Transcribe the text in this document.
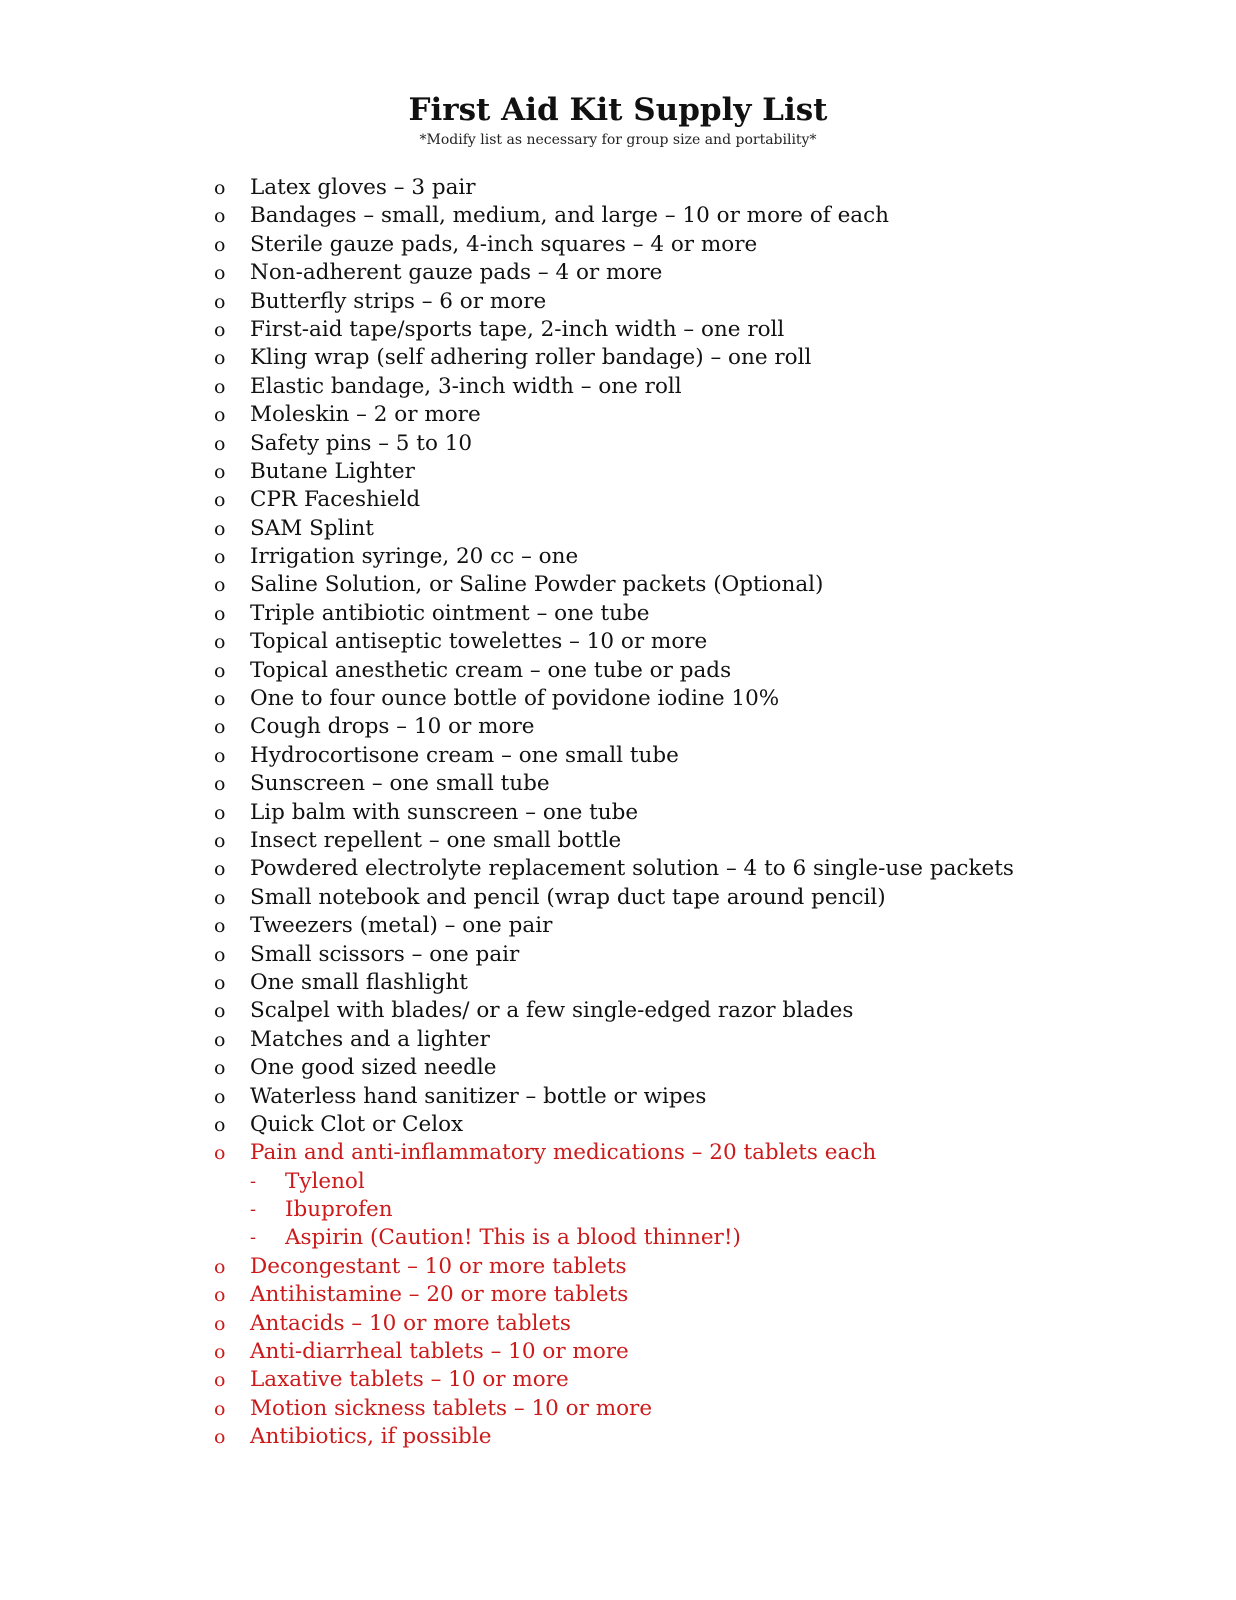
First Aid Kit Supply List
*Modify list as necessary for group size and portability*
o	Latex gloves – 3 pair
o	Bandages – small, medium, and large – 10 or more of each
o	Sterile gauze pads, 4-inch squares – 4 or more
o	Non-adherent gauze pads – 4 or more
o	Butterfly strips – 6 or more
o	First-aid tape/sports tape, 2-inch width – one roll
o	Kling wrap (self adhering roller bandage) – one roll
o	Elastic bandage, 3-inch width – one roll
o	Moleskin – 2 or more
o	Safety pins – 5 to 10
o	Butane Lighter
o	CPR Faceshield
o	SAM Splint
o	Irrigation syringe, 20 cc – one
o	Saline Solution, or Saline Powder packets (Optional)
o	Triple antibiotic ointment – one tube
o	Topical antiseptic towelettes – 10 or more
o	Topical anesthetic cream – one tube or pads
o	One to four ounce bottle of povidone iodine 10%
o	Cough drops – 10 or more
o	Hydrocortisone cream – one small tube
o	Sunscreen – one small tube
o	Lip balm with sunscreen – one tube
o	Insect repellent – one small bottle
o	Powdered electrolyte replacement solution – 4 to 6 single-use packets
o	Small notebook and pencil (wrap duct tape around pencil)
o	Tweezers (metal) – one pair
o	Small scissors – one pair
o	One small flashlight
o	Scalpel with blades/ or a few single-edged razor blades
o	Matches and a lighter
o	One good sized needle
o	Waterless hand sanitizer – bottle or wipes
o	Quick Clot or Celox
o	Pain and anti-inflammatory medications – 20 tablets each
-	Tylenol
-	Ibuprofen
-	Aspirin (Caution! This is a blood thinner!)
o	Decongestant – 10 or more tablets
o	Antihistamine – 20 or more tablets
o	Antacids – 10 or more tablets
o	Anti-diarrheal tablets – 10 or more
o	Laxative tablets – 10 or more
o	Motion sickness tablets – 10 or more
o	Antibiotics, if possible
